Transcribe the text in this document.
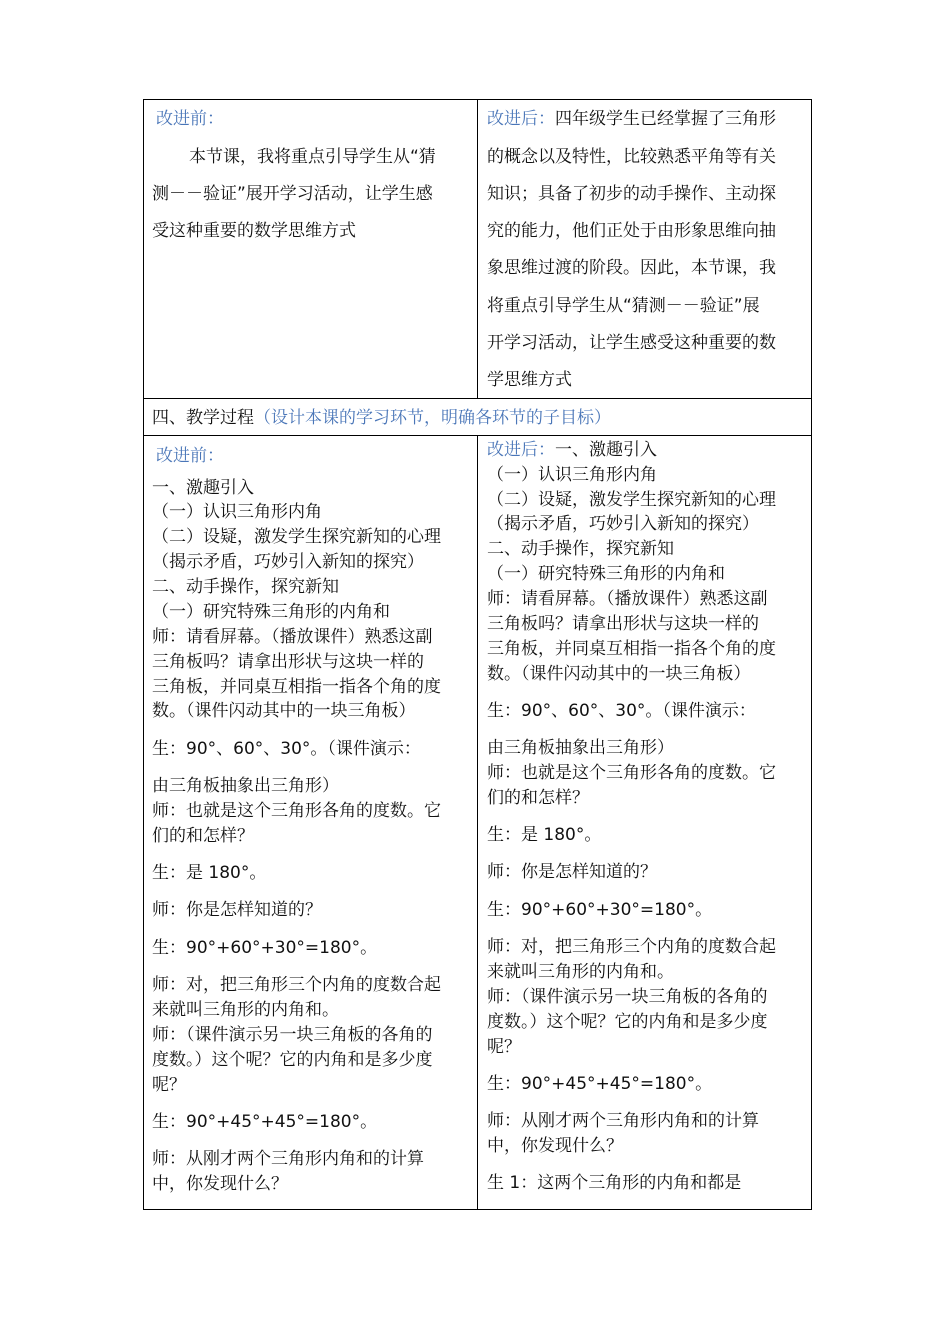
改进前：
本节课，我将重点引导学生从“猜
测－－验证”展开学习活动，让学生感
受这种重要的数学思维方式
改进后：四年级学生已经掌握了三角形
的概念以及特性，比较熟悉平角等有关
知识；具备了初步的动手操作、主动探
究的能力，他们正处于由形象思维向抽
象思维过渡的阶段。因此，本节课，我
将重点引导学生从“猜测－－验证”展
开学习活动，让学生感受这种重要的数
学思维方式
四、教学过程（设计本课的学习环节，明确各环节的子目标）
改进前：
一、激趣引入
（一）认识三角形内角
（二）设疑，激发学生探究新知的心理
（揭示矛盾，巧妙引入新知的探究）
二、动手操作，探究新知
（一）研究特殊三角形的内角和
师：请看屏幕。（播放课件）熟悉这副
三角板吗？请拿出形状与这块一样的
三角板，并同桌互相指一指各个角的度
数。（课件闪动其中的一块三角板）
生：90°、60°、30°。（课件演示：
由三角板抽象出三角形）
师：也就是这个三角形各角的度数。它
们的和怎样？
生：是 180°。
师：你是怎样知道的？
生：90°+60°+30°=180°。
师：对，把三角形三个内角的度数合起
来就叫三角形的内角和。
师：（课件演示另一块三角板的各角的
度数。）这个呢？它的内角和是多少度
呢？
生：90°+45°+45°=180°。
师：从刚才两个三角形内角和的计算
中，你发现什么？
改进后：一、激趣引入
（一）认识三角形内角
（二）设疑，激发学生探究新知的心理
（揭示矛盾，巧妙引入新知的探究）
二、动手操作，探究新知
（一）研究特殊三角形的内角和
师：请看屏幕。（播放课件）熟悉这副
三角板吗？请拿出形状与这块一样的
三角板，并同桌互相指一指各个角的度
数。（课件闪动其中的一块三角板）
生：90°、60°、30°。（课件演示：
由三角板抽象出三角形）
师：也就是这个三角形各角的度数。它
们的和怎样？
生：是 180°。
师：你是怎样知道的？
生：90°+60°+30°=180°。
师：对，把三角形三个内角的度数合起
来就叫三角形的内角和。
师：（课件演示另一块三角板的各角的
度数。）这个呢？它的内角和是多少度
呢？
生：90°+45°+45°=180°。
师：从刚才两个三角形内角和的计算
中，你发现什么？
生 1：这两个三角形的内角和都是
